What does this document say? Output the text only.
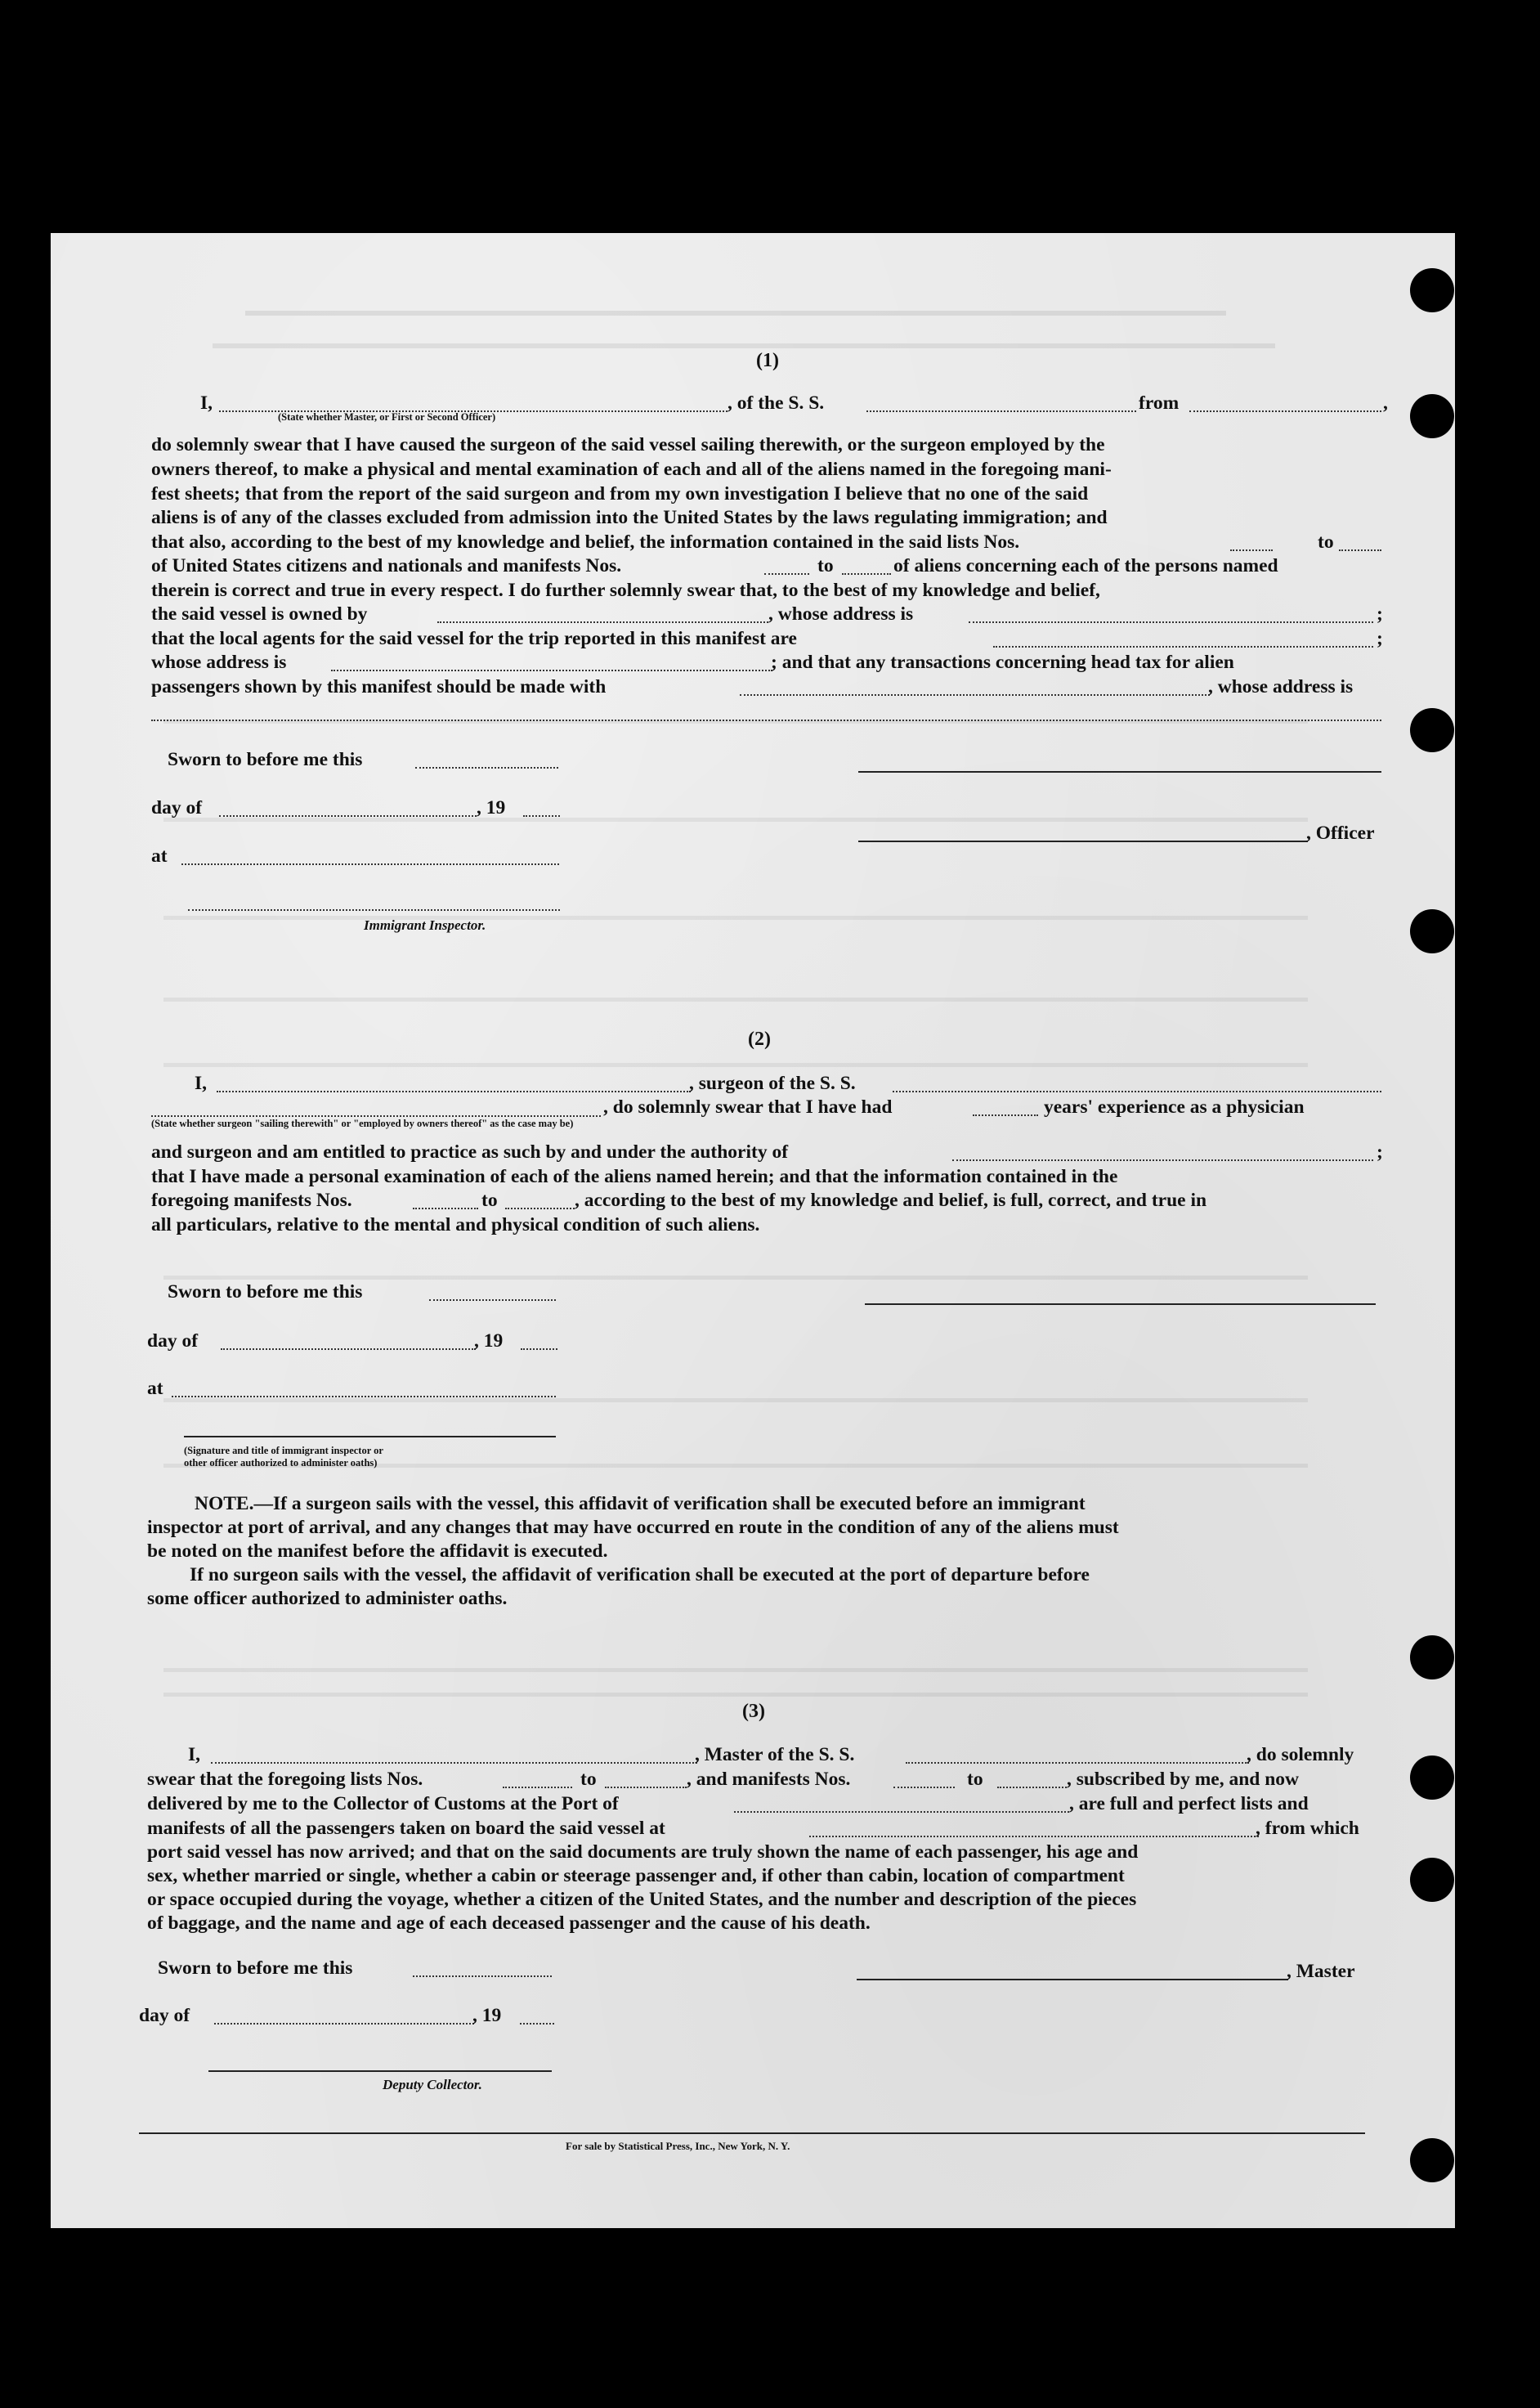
(1)
I,
(State whether Master, or First or Second Officer)
, of the S. S.	from	,
do solemnly swear that I have caused the surgeon of the said vessel sailing therewith, or the surgeon employed by the
owners thereof, to make a physical and mental examination of each and all of the aliens named in the foregoing mani-
fest sheets; that from the report of the said surgeon and from my own investigation I believe that no one of the said
aliens is of any of the classes excluded from admission into the United States by the laws regulating immigration; and
that also, according to the best of my knowledge and belief, the information contained in the said lists Nos.	to
of United States citizens and nationals and manifests Nos.	to	of aliens concerning each of the persons named
therein is correct and true in every respect. I do further solemnly swear that, to the best of my knowledge and belief,
the said vessel is owned by	, whose address is	;
that the local agents for the said vessel for the trip reported in this manifest are	;
whose address is	; and that any transactions concerning head tax for alien
passengers shown by this manifest should be made with	, whose address is
Sworn to before me this
day of	, 19
, Officer
at
Immigrant Inspector.
(2)
I,	, surgeon of the S. S.
, do solemnly swear that I have had	years' experience as a physician
(State whether surgeon "sailing therewith" or "employed by owners thereof" as the case may be)
and surgeon and am entitled to practice as such by and under the authority of	;
that I have made a personal examination of each of the aliens named herein; and that the information contained in the
foregoing manifests Nos.	to	, according to the best of my knowledge and belief, is full, correct, and true in
all particulars, relative to the mental and physical condition of such aliens.
Sworn to before me this
day of	, 19
at
(Signature and title of immigrant inspector or
other officer authorized to administer oaths)
NOTE.—If a surgeon sails with the vessel, this affidavit of verification shall be executed before an immigrant
inspector at port of arrival, and any changes that may have occurred en route in the condition of any of the aliens must
be noted on the manifest before the affidavit is executed.
If no surgeon sails with the vessel, the affidavit of verification shall be executed at the port of departure before
some officer authorized to administer oaths.
(3)
I,	, Master of the S. S.	, do solemnly
swear that the foregoing lists Nos.	to	, and manifests Nos.	to	, subscribed by me, and now
delivered by me to the Collector of Customs at the Port of	, are full and perfect lists and
manifests of all the passengers taken on board the said vessel at	, from which
port said vessel has now arrived; and that on the said documents are truly shown the name of each passenger, his age and
sex, whether married or single, whether a cabin or steerage passenger and, if other than cabin, location of compartment
or space occupied during the voyage, whether a citizen of the United States, and the number and description of the pieces
of baggage, and the name and age of each deceased passenger and the cause of his death.
Sworn to before me this	, Master
day of	, 19
Deputy Collector.
For sale by Statistical Press, Inc., New York, N. Y.
